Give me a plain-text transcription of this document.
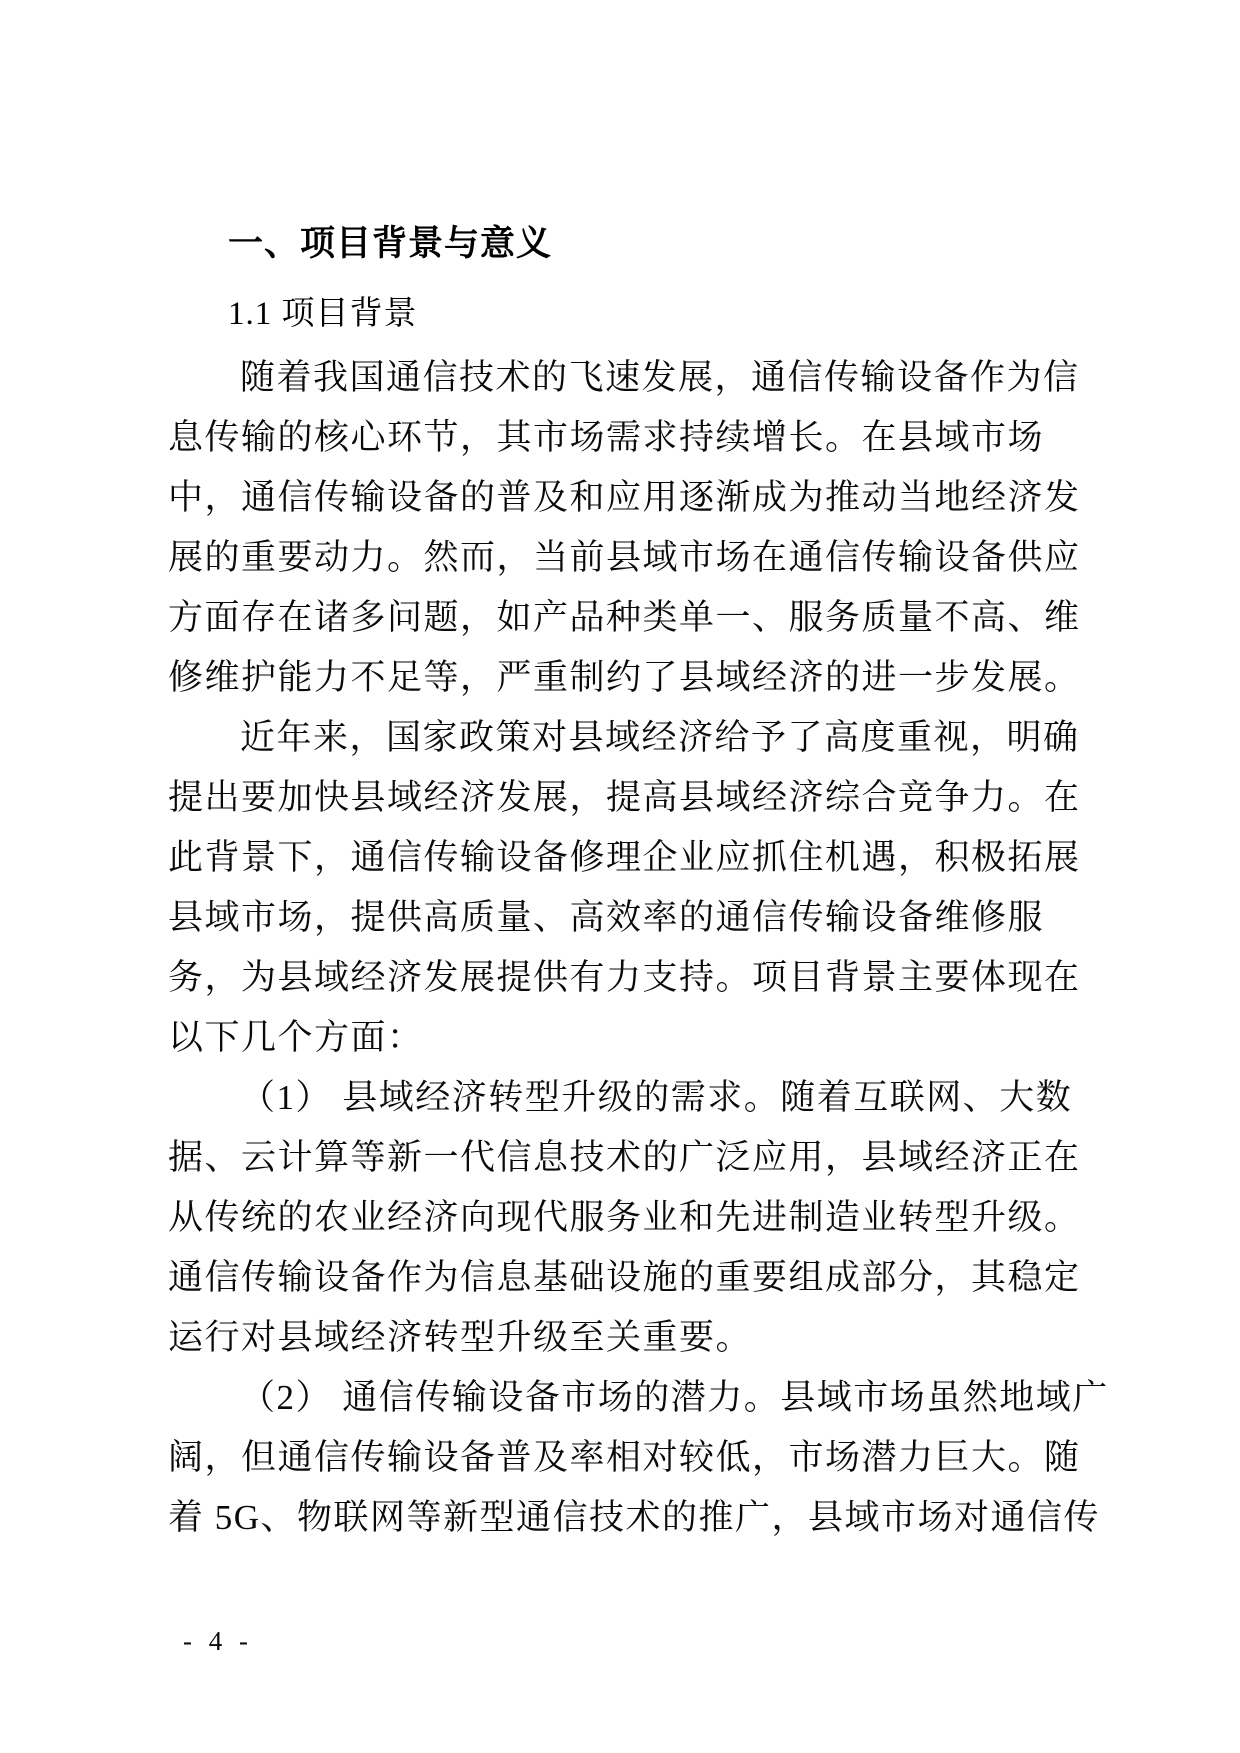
一、项目背景与意义
1.1 项目背景
随着我国通信技术的飞速发展，通信传输设备作为信
息传输的核心环节，其市场需求持续增长。在县域市场
中，通信传输设备的普及和应用逐渐成为推动当地经济发
展的重要动力。然而，当前县域市场在通信传输设备供应
方面存在诸多问题，如产品种类单一、服务质量不高、维
修维护能力不足等，严重制约了县域经济的进一步发展。
近年来，国家政策对县域经济给予了高度重视，明确
提出要加快县域经济发展，提高县域经济综合竞争力。在
此背景下，通信传输设备修理企业应抓住机遇，积极拓展
县域市场，提供高质量、高效率的通信传输设备维修服
务，为县域经济发展提供有力支持。项目背景主要体现在
以下几个方面：
（1） 县域经济转型升级的需求。随着互联网、大数
据、云计算等新一代信息技术的广泛应用，县域经济正在
从传统的农业经济向现代服务业和先进制造业转型升级。
通信传输设备作为信息基础设施的重要组成部分，其稳定
运行对县域经济转型升级至关重要。
（2） 通信传输设备市场的潜力。县域市场虽然地域广
阔，但通信传输设备普及率相对较低，市场潜力巨大。随
着 5G、物联网等新型通信技术的推广，县域市场对通信传
- 4 -
